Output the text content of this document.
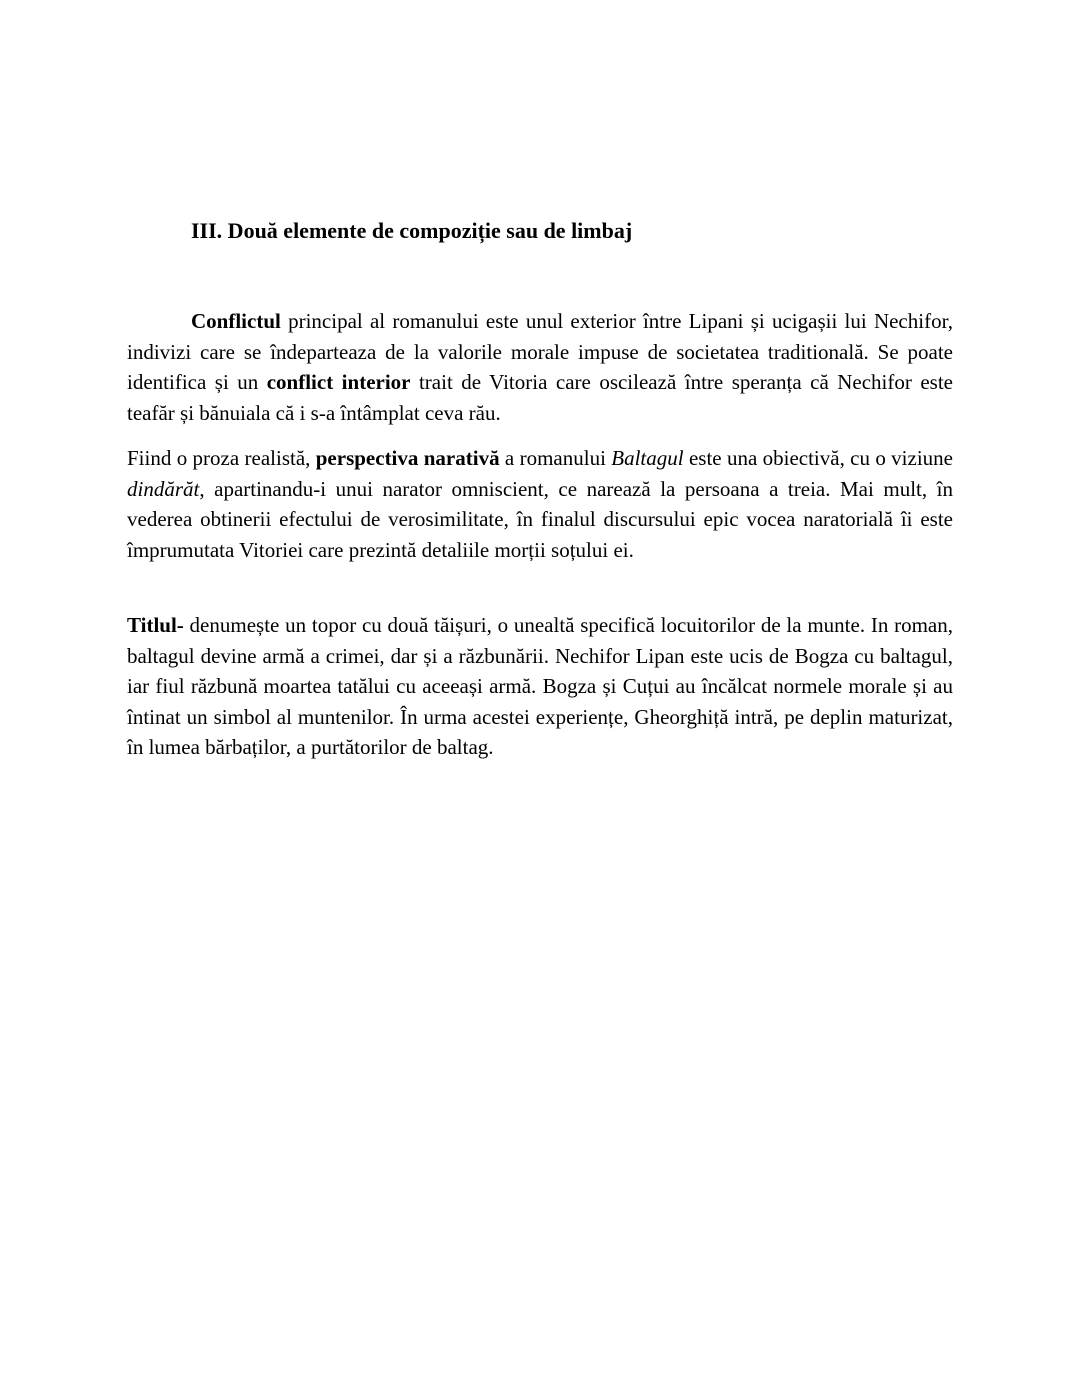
III. Două elemente de compoziție sau de limbaj

Conflictul principal al romanului este unul exterior între Lipani și ucigașii lui Nechifor, indivizi care se îndeparteaza de la valorile morale impuse de societatea traditională. Se poate identifica și un conflict interior trait de Vitoria care oscilează între speranța că Nechifor este teafăr și bănuiala că i s-a întâmplat ceva rău.

Fiind o proza realistă, perspectiva narativă a romanului Baltagul este una obiectivă, cu o viziune dindărăt, apartinandu-i unui narator omniscient, ce narează la persoana a treia. Mai mult, în vederea obtinerii efectului de verosimilitate, în finalul discursului epic vocea naratorială îi este împrumutata Vitoriei care prezintă detaliile morții soțului ei.

Titlul- denumește un topor cu două tăișuri, o unealtă specifică locuitorilor de la munte. In roman, baltagul devine armă a crimei, dar și a răzbunării. Nechifor Lipan este ucis de Bogza cu baltagul, iar fiul răzbună moartea tatălui cu aceeași armă. Bogza și Cuțui au încălcat normele morale și au întinat un simbol al muntenilor. În urma acestei experiențe, Gheorghiță intră, pe deplin maturizat, în lumea bărbaților, a purtătorilor de baltag.
